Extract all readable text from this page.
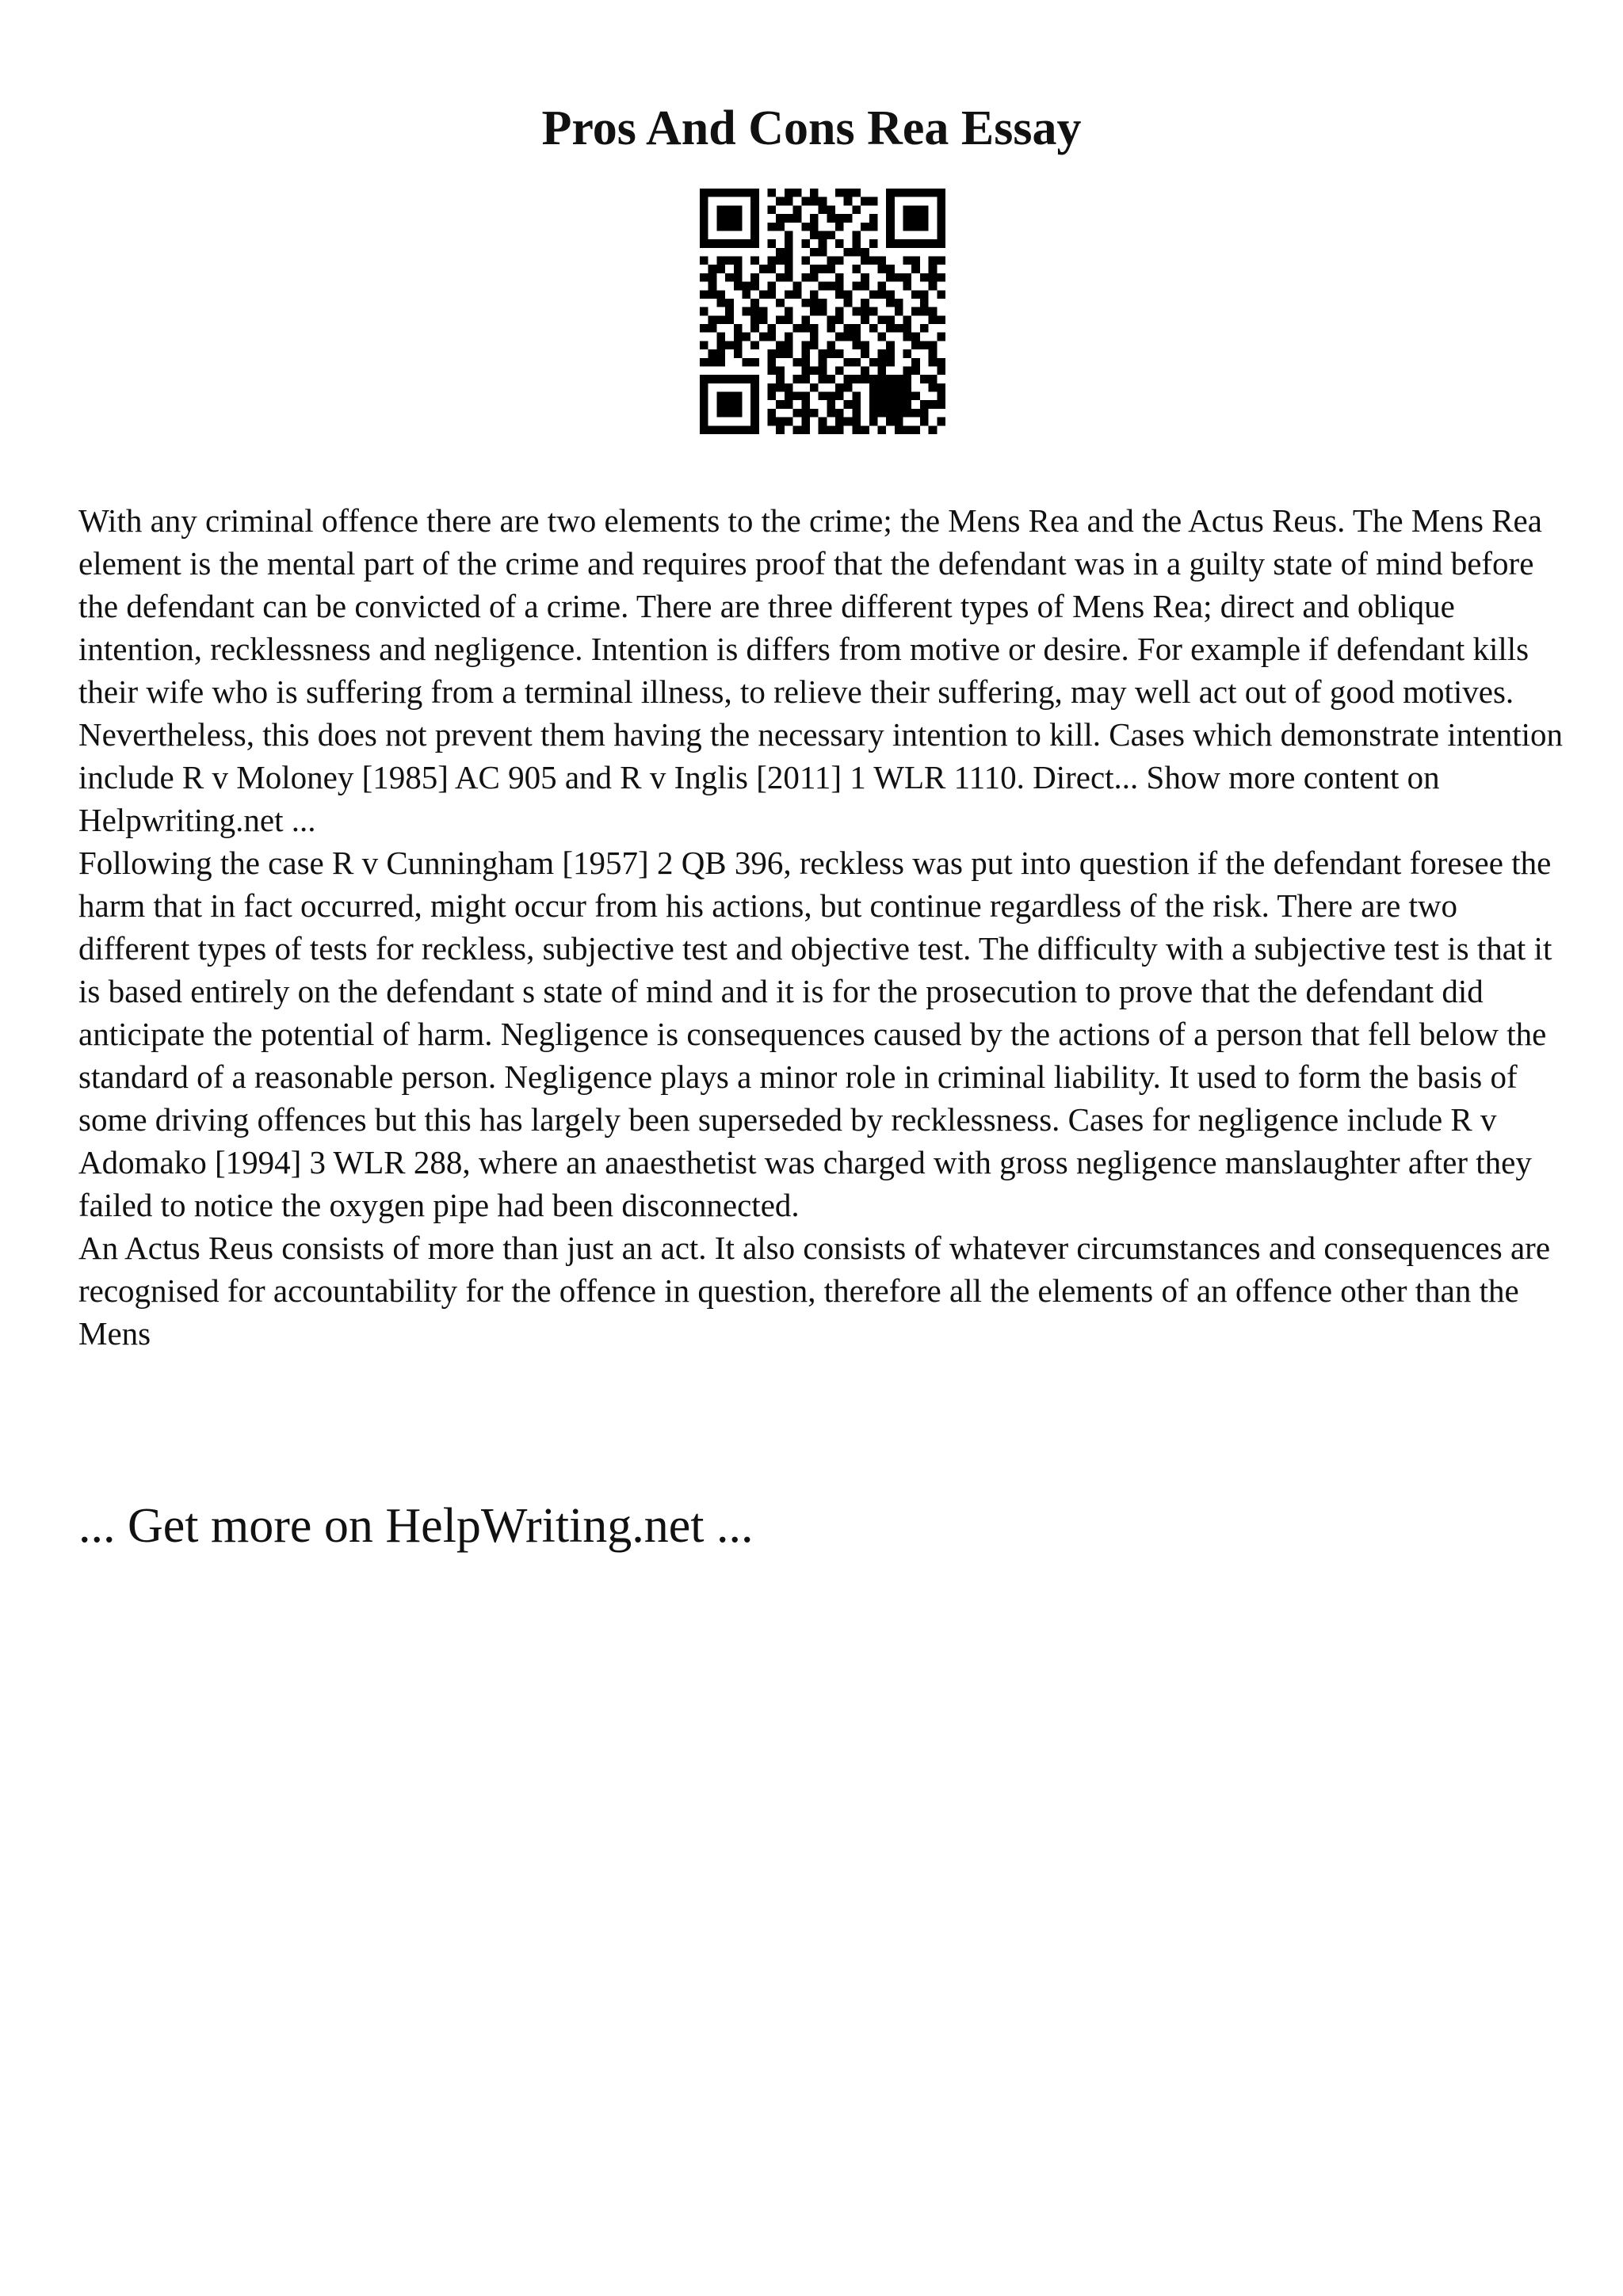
Pros And Cons Rea Essay

With any criminal offence there are two elements to the crime; the Mens Rea and the Actus Reus. The Mens Rea element is the mental part of the crime and requires proof that the defendant was in a guilty state of mind before the defendant can be convicted of a crime. There are three different types of Mens Rea; direct and oblique intention, recklessness and negligence. Intention is differs from motive or desire. For example if defendant kills their wife who is suffering from a terminal illness, to relieve their suffering, may well act out of good motives. Nevertheless, this does not prevent them having the necessary intention to kill. Cases which demonstrate intention include R v Moloney [1985] AC 905 and R v Inglis [2011] 1 WLR 1110. Direct... Show more content on Helpwriting.net ...

Following the case R v Cunningham [1957] 2 QB 396, reckless was put into question if the defendant foresee the harm that in fact occurred, might occur from his actions, but continue regardless of the risk. There are two different types of tests for reckless, subjective test and objective test. The difficulty with a subjective test is that it is based entirely on the defendant s state of mind and it is for the prosecution to prove that the defendant did anticipate the potential of harm. Negligence is consequences caused by the actions of a person that fell below the standard of a reasonable person. Negligence plays a minor role in criminal liability. It used to form the basis of some driving offences but this has largely been superseded by recklessness. Cases for negligence include R v Adomako [1994] 3 WLR 288, where an anaesthetist was charged with gross negligence manslaughter after they failed to notice the oxygen pipe had been disconnected.

An Actus Reus consists of more than just an act. It also consists of whatever circumstances and consequences are recognised for accountability for the offence in question, therefore all the elements of an offence other than the Mens

... Get more on HelpWriting.net ...
